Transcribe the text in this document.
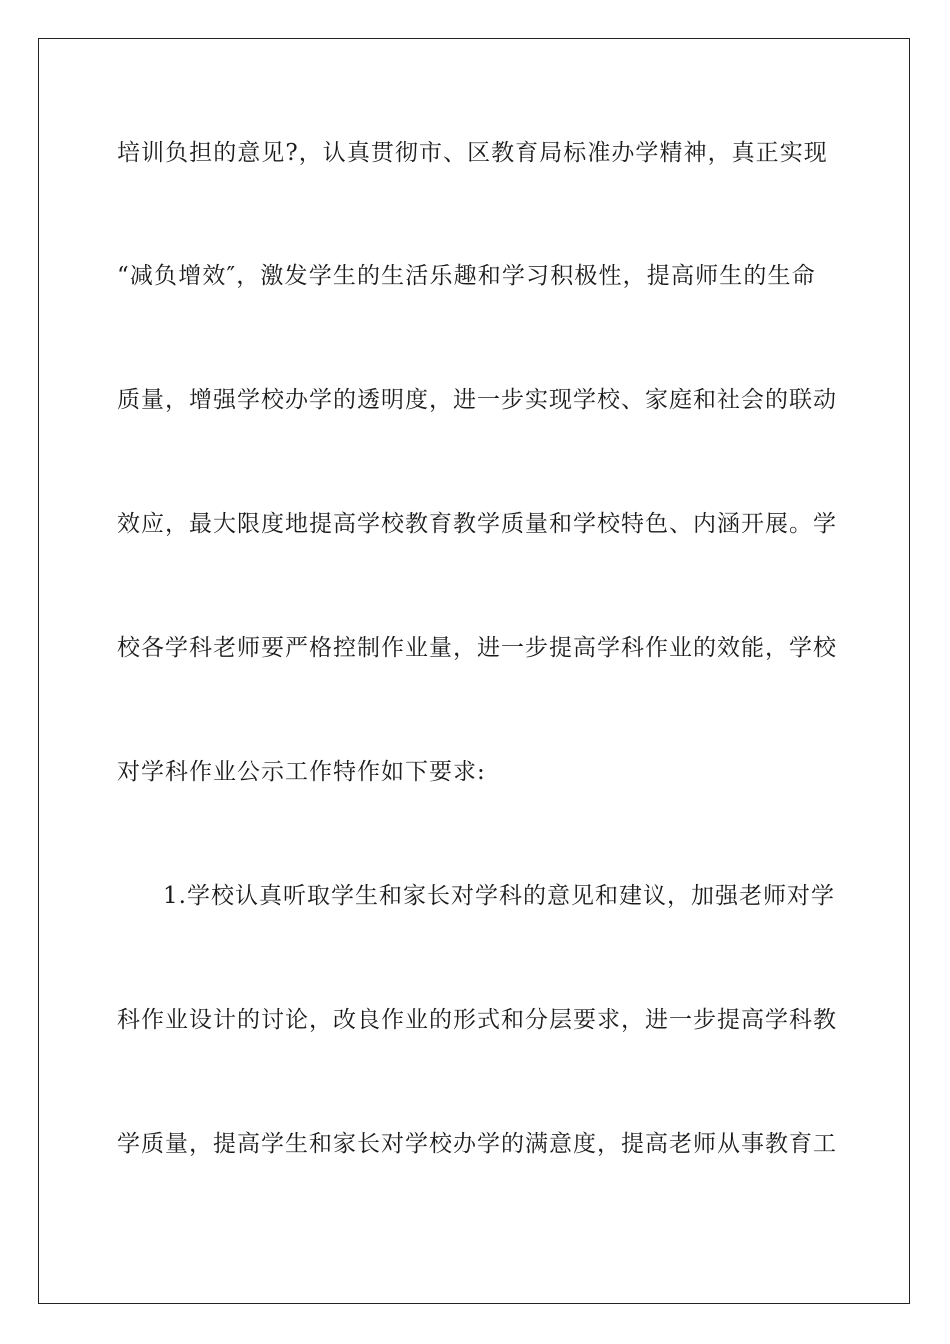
培训负担的意见?，认真贯彻市、区教育局标准办学精神，真正实现
“减负增效″，激发学生的生活乐趣和学习积极性，提高师生的生命
质量，增强学校办学的透明度，进一步实现学校、家庭和社会的联动
效应，最大限度地提高学校教育教学质量和学校特色、内涵开展。学
校各学科老师要严格控制作业量，进一步提高学科作业的效能，学校
对学科作业公示工作特作如下要求:
1.学校认真听取学生和家长对学科的意见和建议，加强老师对学
科作业设计的讨论，改良作业的形式和分层要求，进一步提高学科教
学质量，提高学生和家长对学校办学的满意度，提高老师从事教育工
